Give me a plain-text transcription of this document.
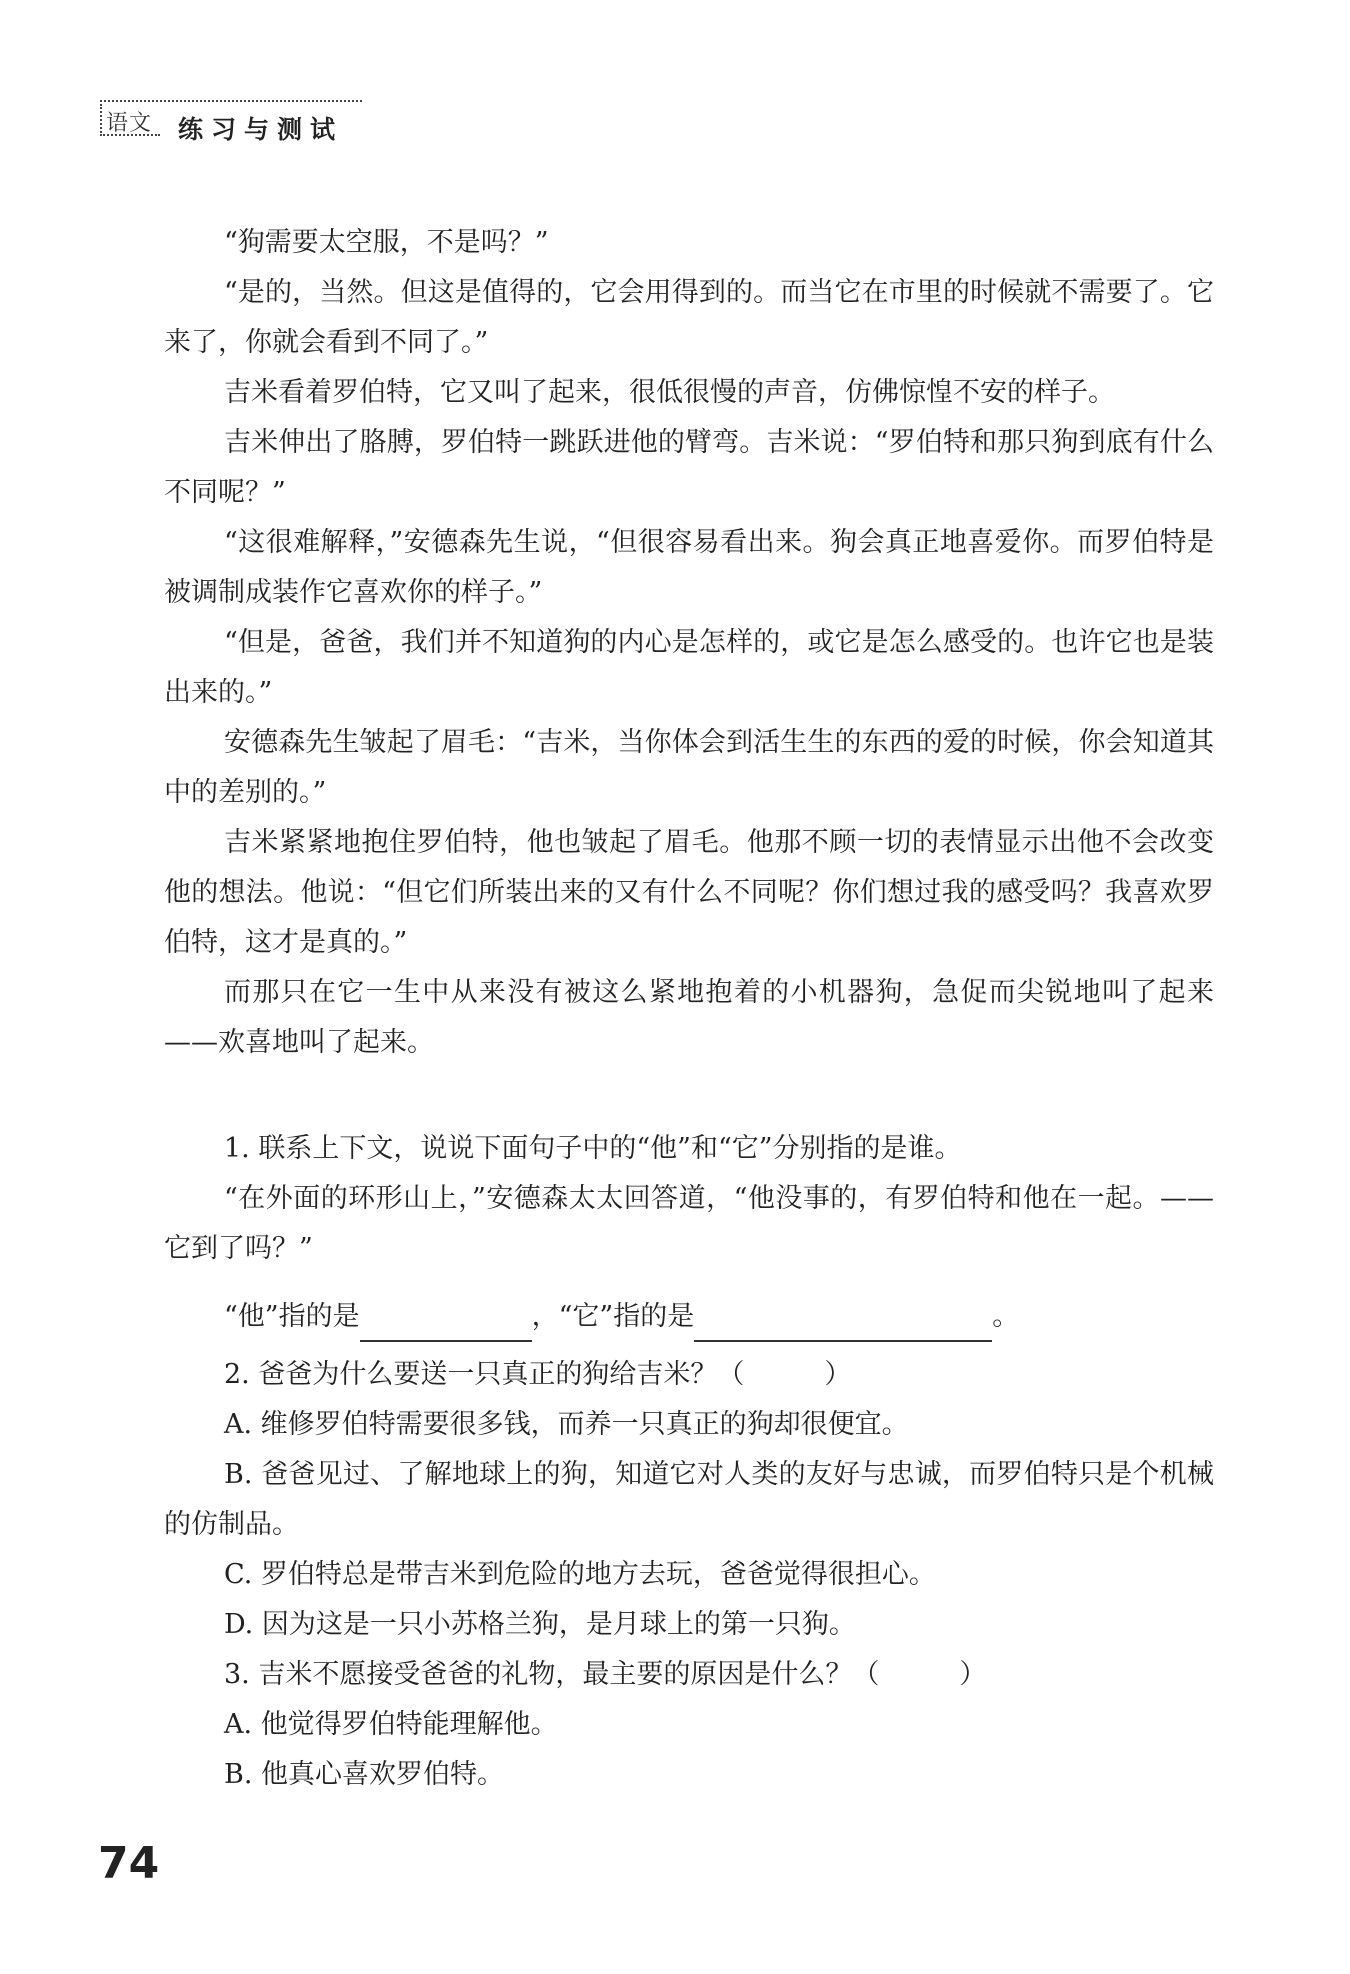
语文 练习与测试

“狗需要太空服，不是吗？”

“是的，当然。但这是值得的，它会用得到的。而当它在市里的时候就不需要了。它来了，你就会看到不同了。”

吉米看着罗伯特，它又叫了起来，很低很慢的声音，仿佛惊惶不安的样子。

吉米伸出了胳膊，罗伯特一跳跃进他的臂弯。吉米说：“罗伯特和那只狗到底有什么不同呢？”

“这很难解释，”安德森先生说，“但很容易看出来。狗会真正地喜爱你。而罗伯特是被调制成装作它喜欢你的样子。”

“但是，爸爸，我们并不知道狗的内心是怎样的，或它是怎么感受的。也许它也是装出来的。”

安德森先生皱起了眉毛：“吉米，当你体会到活生生的东西的爱的时候，你会知道其中的差别的。”

吉米紧紧地抱住罗伯特，他也皱起了眉毛。他那不顾一切的表情显示出他不会改变他的想法。他说：“但它们所装出来的又有什么不同呢？你们想过我的感受吗？我喜欢罗伯特，这才是真的。”

而那只在它一生中从来没有被这么紧地抱着的小机器狗，急促而尖锐地叫了起来——欢喜地叫了起来。

1. 联系上下文，说说下面句子中的“他”和“它”分别指的是谁。

“在外面的环形山上，”安德森太太回答道，“他没事的，有罗伯特和他在一起。——它到了吗？”

“他”指的是	，“它”指的是	。

2. 爸爸为什么要送一只真正的狗给吉米？（	）

A. 维修罗伯特需要很多钱，而养一只真正的狗却很便宜。

B. 爸爸见过、了解地球上的狗，知道它对人类的友好与忠诚，而罗伯特只是个机械的仿制品。

C. 罗伯特总是带吉米到危险的地方去玩，爸爸觉得很担心。

D. 因为这是一只小苏格兰狗，是月球上的第一只狗。

3. 吉米不愿接受爸爸的礼物，最主要的原因是什么？（	）

A. 他觉得罗伯特能理解他。

B. 他真心喜欢罗伯特。

74
